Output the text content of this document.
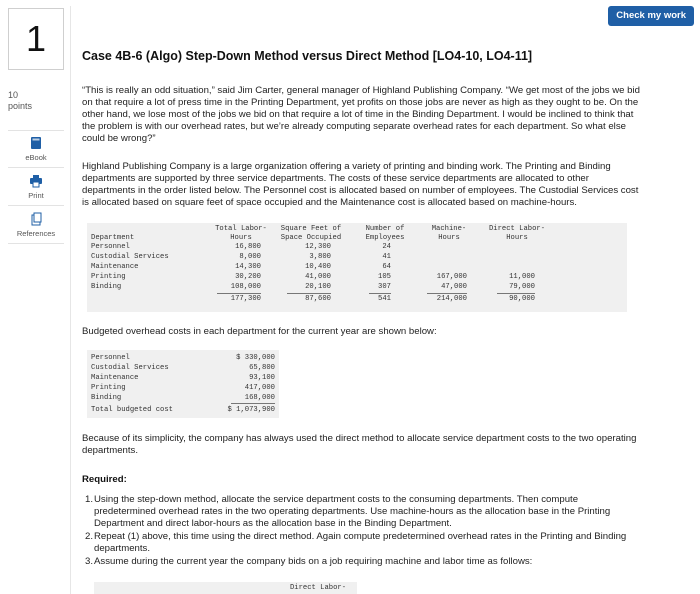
Check my work
1
10
points
eBook
Print
References
Case 4B-6 (Algo) Step-Down Method versus Direct Method [LO4-10, LO4-11]
“This is really an odd situation,” said Jim Carter, general manager of Highland Publishing Company. “We get most of the jobs we bid
on that require a lot of press time in the Printing Department, yet profits on those jobs are never as high as they ought to be. On the
other hand, we lose most of the jobs we bid on that require a lot of time in the Binding Department. I would be inclined to think that
the problem is with our overhead rates, but we’re already computing separate overhead rates for each department. So what else
could be wrong?”
Highland Publishing Company is a large organization offering a variety of printing and binding work. The Printing and Binding
departments are supported by three service departments. The costs of these service departments are allocated to other
departments in the order listed below. The Personnel cost is allocated based on number of employees. The Custodial Services cost
is allocated based on square feet of space occupied and the Maintenance cost is allocated based on machine-hours.
Total Labor-
Hours
Square Feet of
Space Occupied
Number of
Employees
Machine-
Hours
Direct Labor-
Hours
Department
Personnel	16,800	12,300	24
Custodial Services	8,000	3,800	41
Maintenance	14,300	10,400	64
Printing	30,200	41,000	105	167,000	11,000
Binding	108,000	20,100	307	47,000	79,000
177,300	87,600	541	214,000	90,000
Budgeted overhead costs in each department for the current year are shown below:
Personnel	$ 330,000
Custodial Services	65,800
Maintenance	93,100
Printing	417,000
Binding	168,000
Total budgeted cost	$ 1,073,900
Because of its simplicity, the company has always used the direct method to allocate service department costs to the two operating
departments.
Required:
1. Using the step-down method, allocate the service department costs to the consuming departments. Then compute
predetermined overhead rates in the two operating departments. Use machine-hours as the allocation base in the Printing
Department and direct labor-hours as the allocation base in the Binding Department.
2. Repeat (1) above, this time using the direct method. Again compute predetermined overhead rates in the Printing and Binding
departments.
3. Assume during the current year the company bids on a job requiring machine and labor time as follows:
Direct Labor-
